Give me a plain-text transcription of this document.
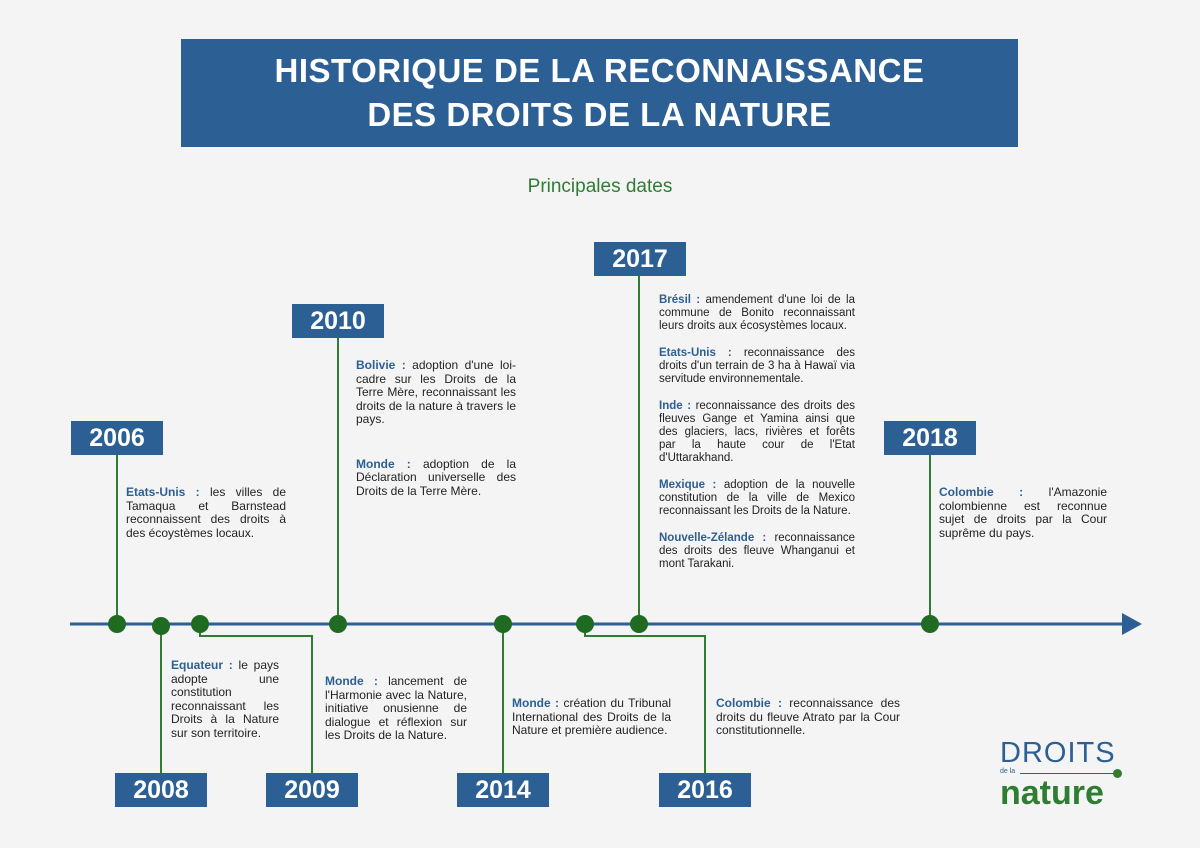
HISTORIQUE DE LA RECONNAISSANCE
DES DROITS DE LA NATURE
Principales dates
2006
2008	2009
2010
2014	2016
2017
2018

Etats-Unis : les villes de Tamaqua et Barnstead reconnaissent des droits à des écoystèmes locaux.

Equateur : le pays adopte une constitution reconnaissant les Droits à la Nature sur son territoire.

Monde : lancement de l'Harmonie avec la Nature, initiative onusienne de dialogue et réflexion sur les Droits de la Nature.

Bolivie : adoption d'une loi-cadre sur les Droits de la Terre Mère, reconnaissant les droits de la nature à travers le pays.

Monde : adoption de la Déclaration universelle des Droits de la Terre Mère.

Monde : création du Tribunal International des Droits de la Nature et première audience.

Colombie : reconnaissance des droits du fleuve Atrato par la Cour constitutionnelle.

Brésil : amendement d'une loi de la commune de Bonito reconnaissant leurs droits aux écosystèmes locaux.

Etats-Unis : reconnaissance des droits d'un terrain de 3 ha à Hawaï via servitude environnementale.

Inde : reconnaissance des droits des fleuves Gange et Yamina ainsi que des glaciers, lacs, rivières et forêts par la haute cour de l'Etat d'Uttarakhand.

Mexique : adoption de la nouvelle constitution de la ville de Mexico reconnaissant les Droits de la Nature.

Nouvelle-Zélande : reconnaissance des droits des fleuve Whanganui et mont Tarakani.

Colombie : l'Amazonie colombienne est reconnue sujet de droits par la Cour suprême du pays.

DROITS
de la
nature
